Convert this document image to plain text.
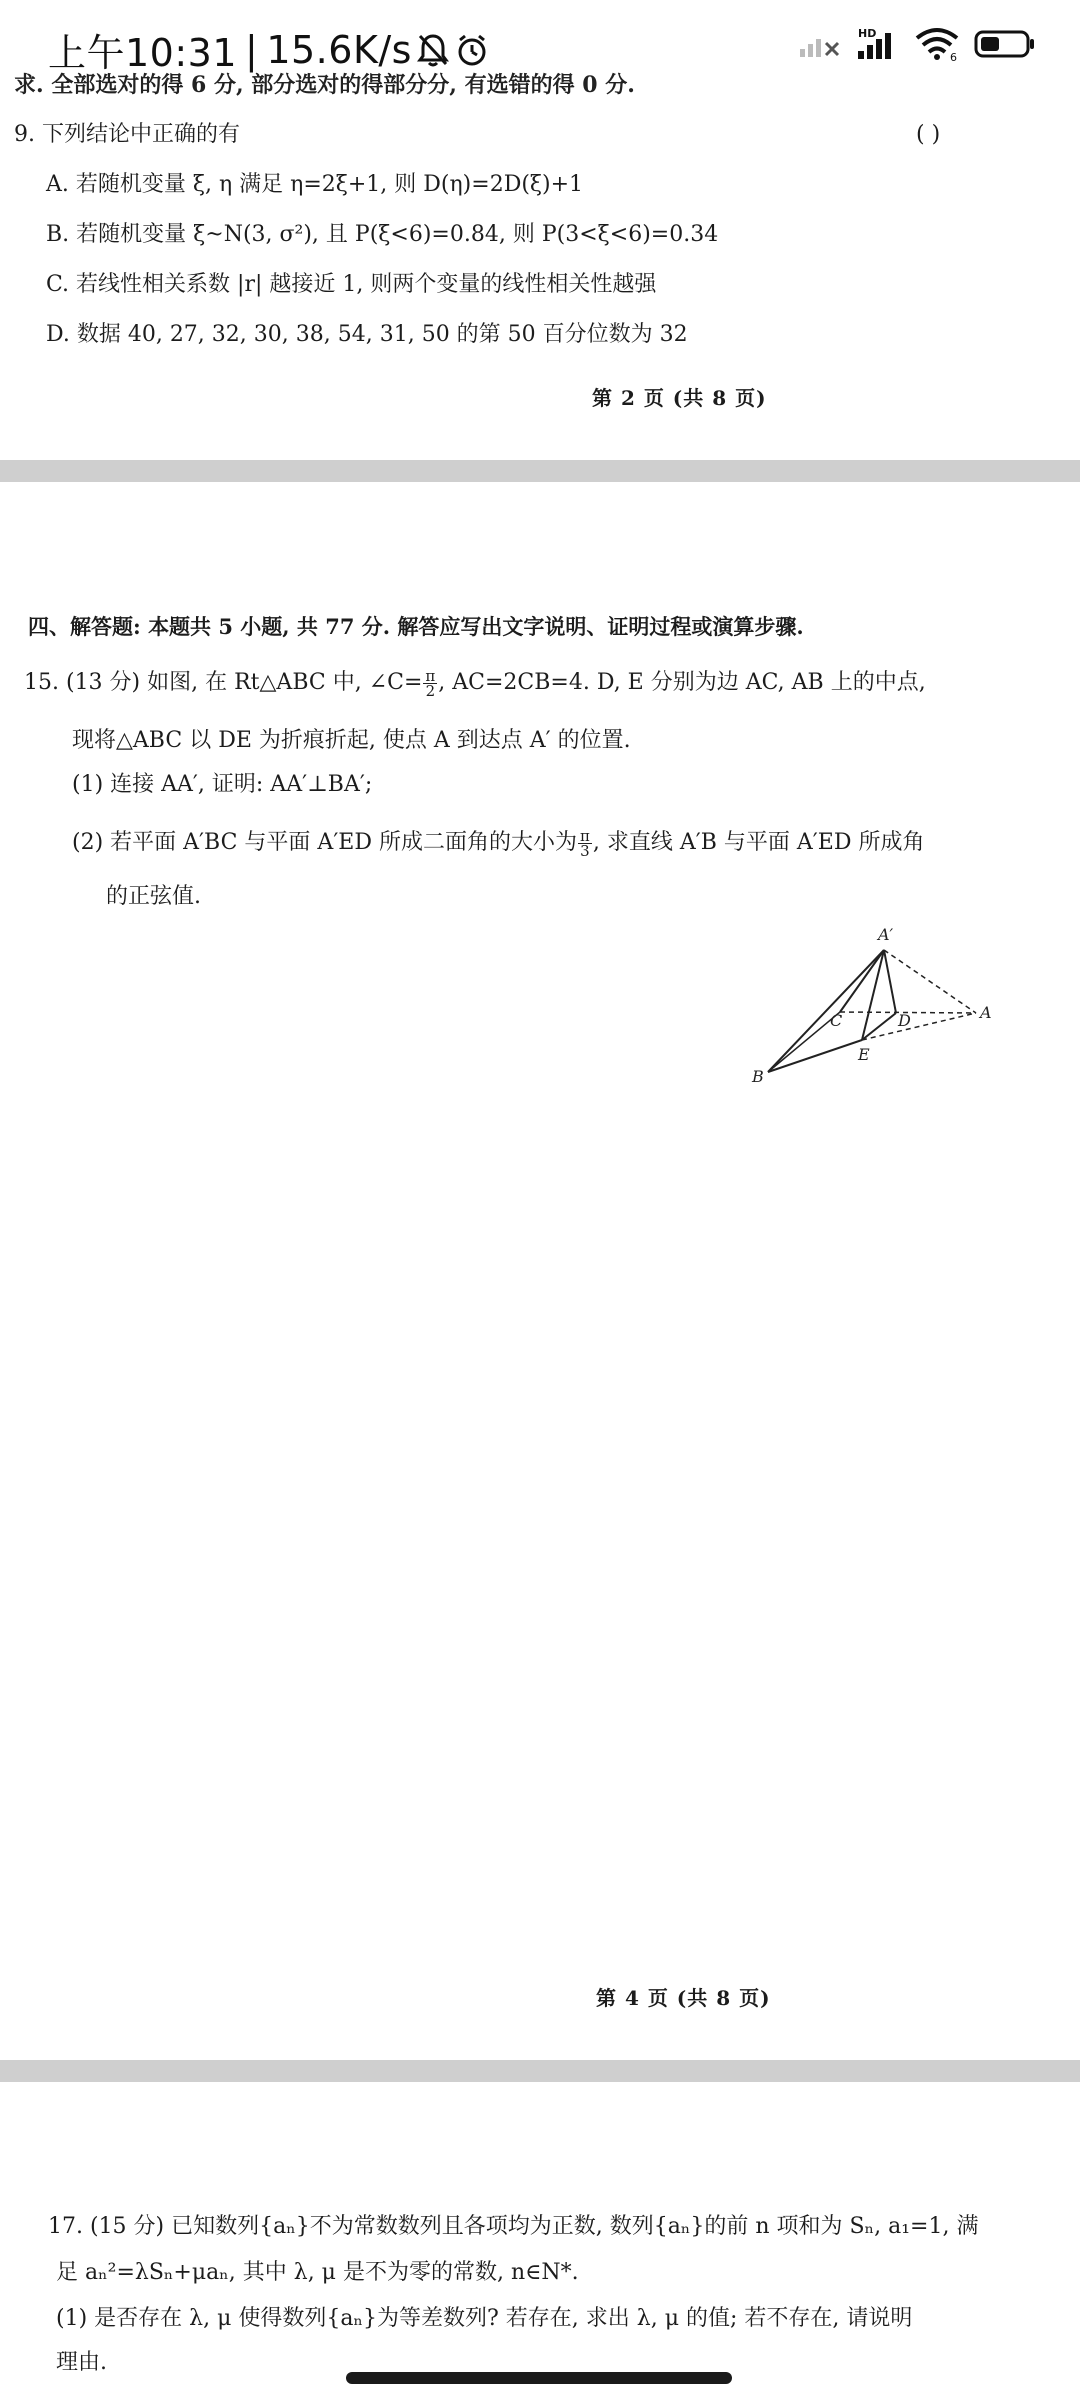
上午10:31 | 15.6K/s	HD
6
求. 全部选对的得 6 分, 部分选对的得部分分, 有选错的得 0 分.
9. 下列结论中正确的有	( )
A. 若随机变量 ξ, η 满足 η=2ξ+1, 则 D(η)=2D(ξ)+1
B. 若随机变量 ξ~N(3, σ²), 且 P(ξ<6)=0.84, 则 P(3<ξ<6)=0.34
C. 若线性相关系数 |r| 越接近 1, 则两个变量的线性相关性越强
D. 数据 40, 27, 32, 30, 38, 54, 31, 50 的第 50 百分位数为 32
第 2 页 (共 8 页)
四、解答题: 本题共 5 小题, 共 77 分. 解答应写出文字说明、证明过程或演算步骤.
15. (13 分) 如图, 在 Rt△ABC 中, ∠C= $\frac{\pi}{2}$ , AC=2CB=4. D, E 分别为边 AC, AB 上的中点,
现将△ABC 以 DE 为折痕折起, 使点 A 到达点 A′ 的位置.
(1) 连接 AA′, 证明: AA′⊥BA′;
(2) 若平面 A′BC 与平面 A′ED 所成二面角的大小为 $\frac{\pi}{3}$ , 求直线 A′B 与平面 A′ED 所成角
的正弦值.
A′
A
B
C	D
E
第 4 页 (共 8 页)
17. (15 分) 已知数列{aₙ}不为常数数列且各项均为正数, 数列{aₙ}的前 n 项和为 Sₙ, a₁=1, 满
足 aₙ²=λSₙ+μaₙ, 其中 λ, μ 是不为零的常数, n∈N*.
(1) 是否存在 λ, μ 使得数列{aₙ}为等差数列? 若存在, 求出 λ, μ 的值; 若不存在, 请说明
理由.
